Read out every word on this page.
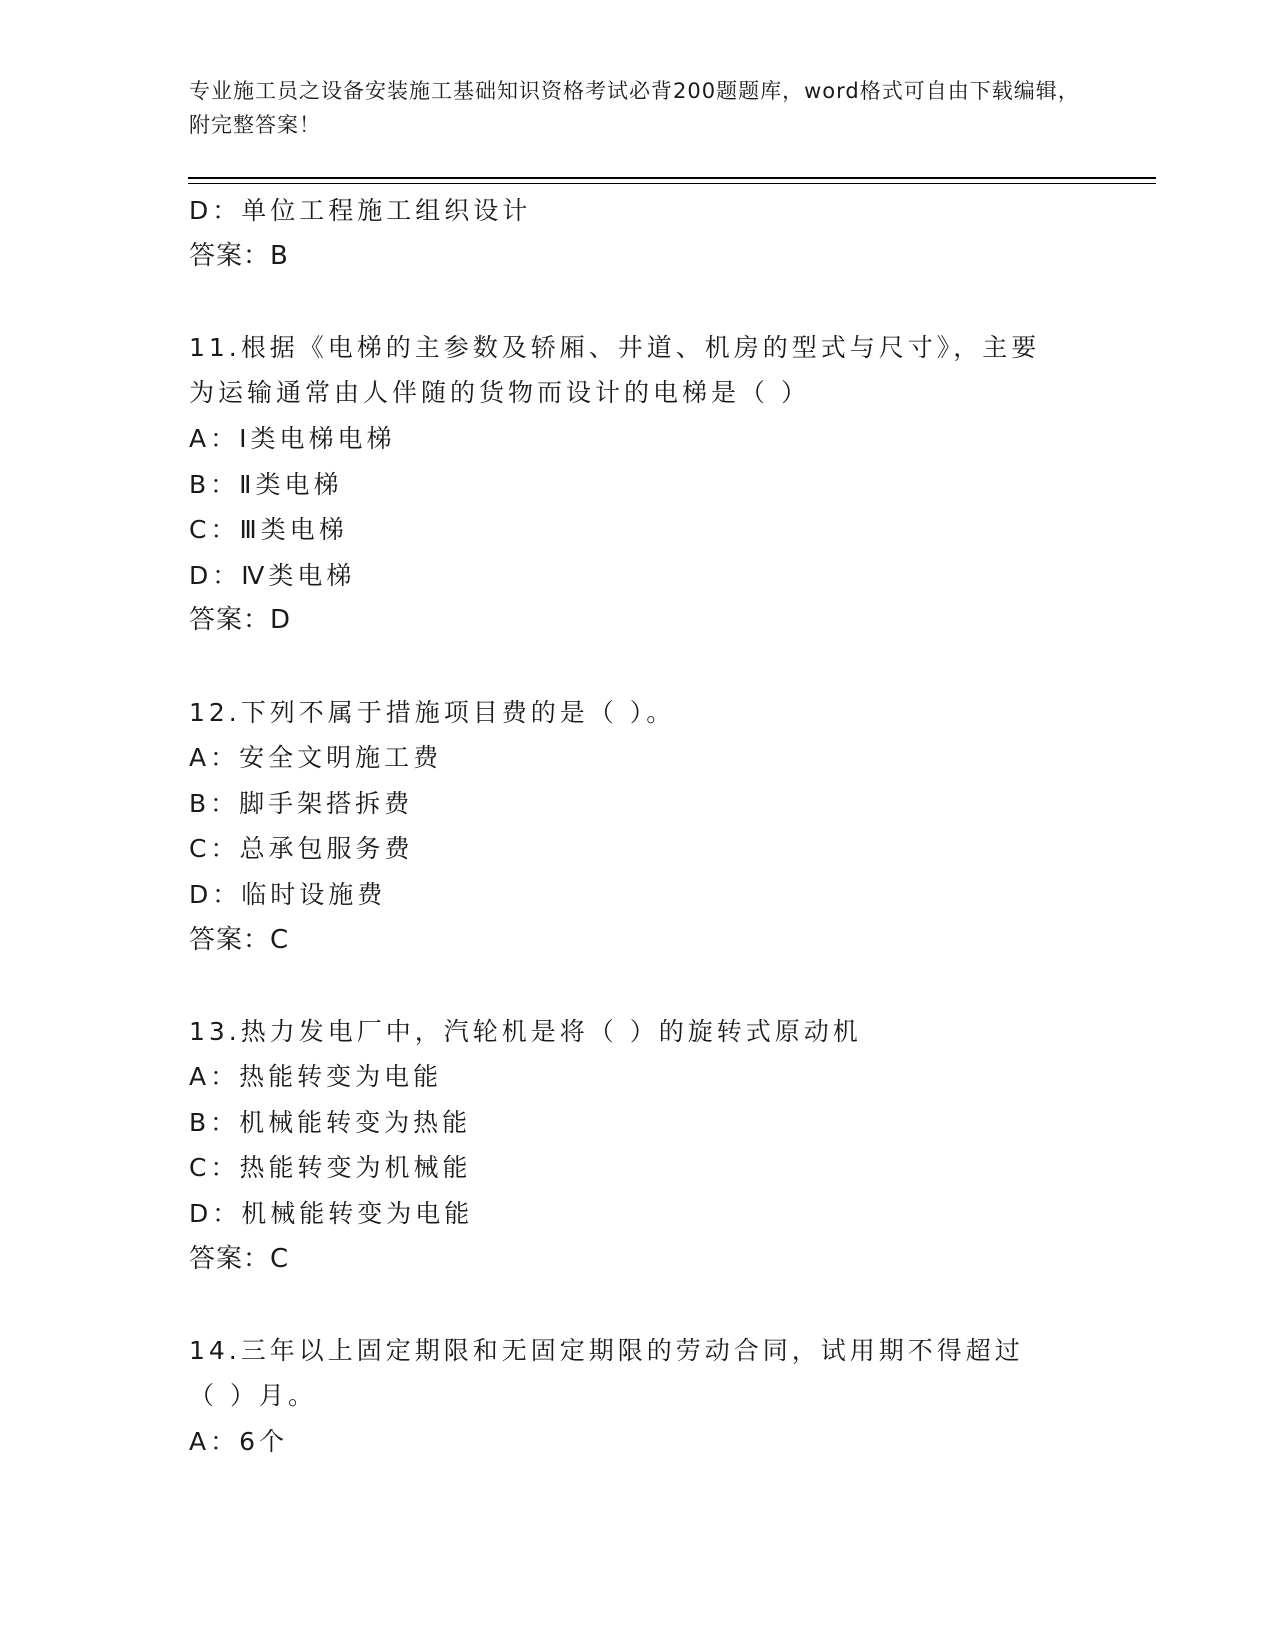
专业施工员之设备安装施工基础知识资格考试必背200题题库，word格式可自由下载编辑，附完整答案！
D：单位工程施工组织设计
答案：B
11.根据《电梯的主参数及轿厢、井道、机房的型式与尺寸》，主要为运输通常由人伴随的货物而设计的电梯是（ ）
A：Ⅰ类电梯电梯
B：Ⅱ类电梯
C：Ⅲ类电梯
D：Ⅳ类电梯
答案：D
12.下列不属于措施项目费的是（ ）。
A：安全文明施工费
B：脚手架搭拆费
C：总承包服务费
D：临时设施费
答案：C
13.热力发电厂中，汽轮机是将（ ）的旋转式原动机
A：热能转变为电能
B：机械能转变为热能
C：热能转变为机械能
D：机械能转变为电能
答案：C
14.三年以上固定期限和无固定期限的劳动合同，试用期不得超过（ ）月。
A：6个
